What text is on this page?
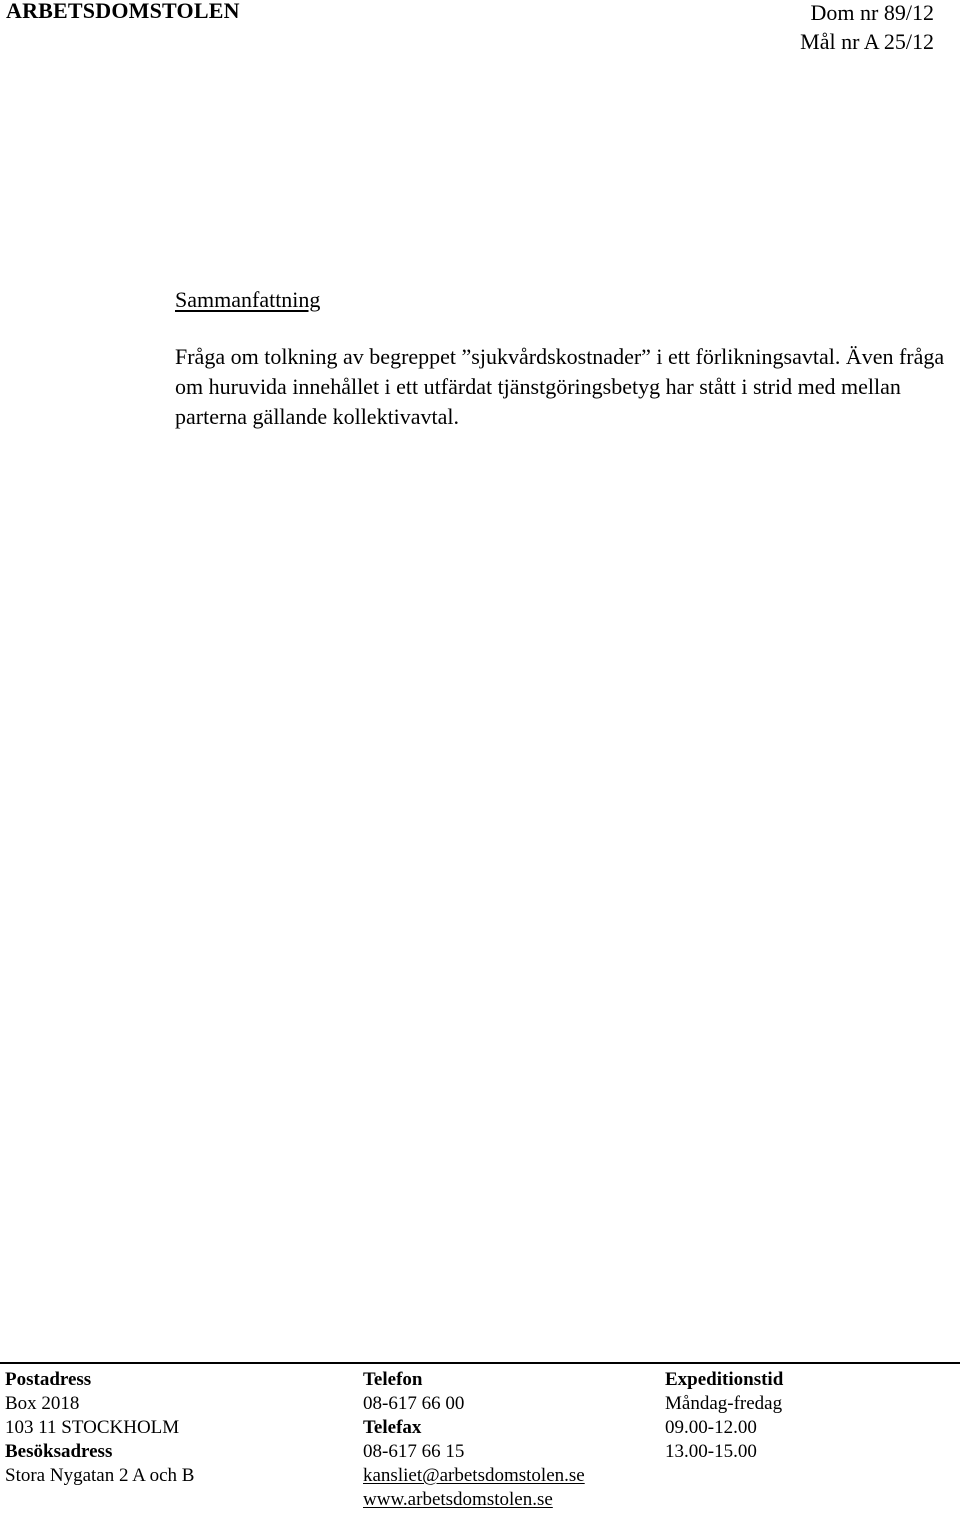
ARBETSDOMSTOLEN	Dom nr 89/12
Mål nr A 25/12
Sammanfattning

Fråga om tolkning av begreppet ”sjukvårdskostnader” i ett förlikningsavtal. Även fråga om huruvida innehållet i ett utfärdat tjänstgöringsbetyg har stått i strid med mellan parterna gällande kollektivavtal.

Postadress
Box 2018
103 11 STOCKHOLM
Besöksadress
Stora Nygatan 2 A och B
Telefon
08-617 66 00
Telefax
08-617 66 15
kansliet@arbetsdomstolen.se
www.arbetsdomstolen.se
Expeditionstid
Måndag-fredag
09.00-12.00
13.00-15.00
